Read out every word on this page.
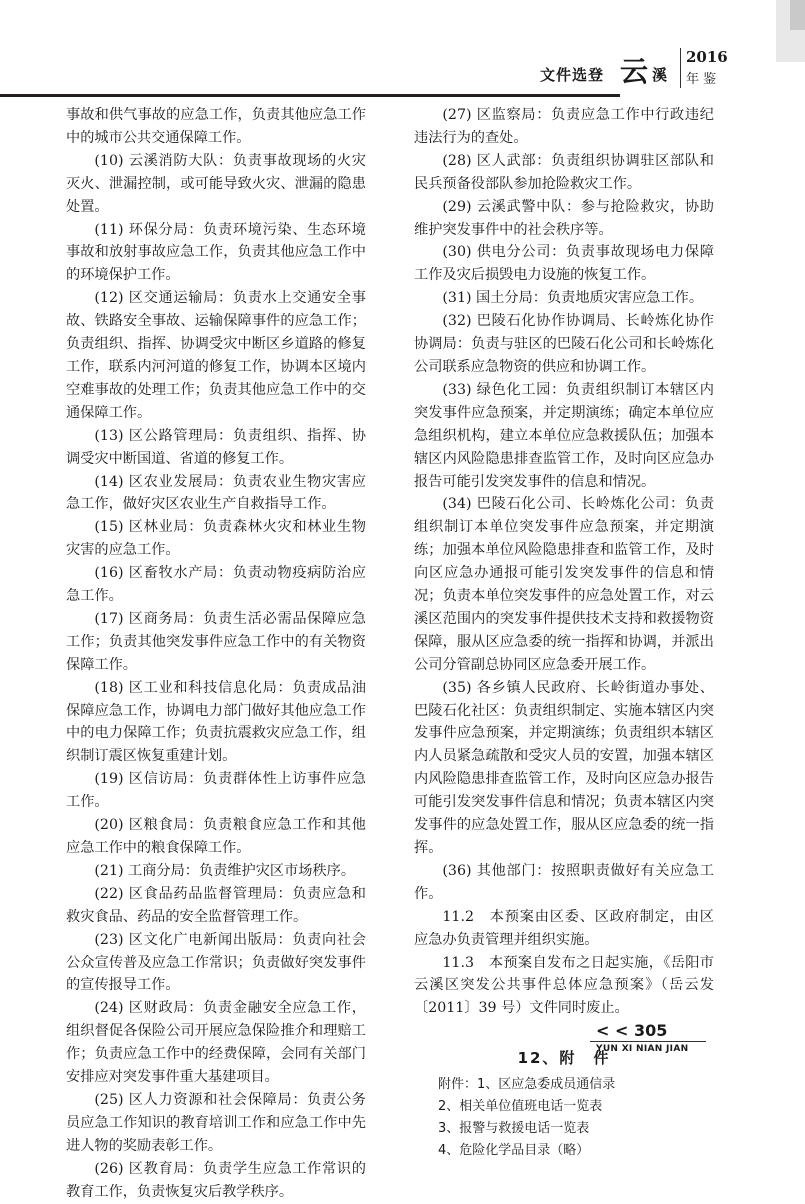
文件选登 云 溪
2016
年 鉴

事故和供气事故的应急工作，负责其他应急工作中的城市公共交通保障工作。

(10) 云溪消防大队：负责事故现场的火灾灭火、泄漏控制，或可能导致火灾、泄漏的隐患处置。

(11) 环保分局：负责环境污染、生态环境事故和放射事故应急工作，负责其他应急工作中的环境保护工作。

(12) 区交通运输局：负责水上交通安全事故、铁路安全事故、运输保障事件的应急工作；负责组织、指挥、协调受灾中断区乡道路的修复工作，联系内河河道的修复工作，协调本区境内空难事故的处理工作；负责其他应急工作中的交通保障工作。

(13) 区公路管理局：负责组织、指挥、协调受灾中断国道、省道的修复工作。

(14) 区农业发展局：负责农业生物灾害应急工作，做好灾区农业生产自救指导工作。

(15) 区林业局：负责森林火灾和林业生物灾害的应急工作。

(16) 区畜牧水产局：负责动物疫病防治应急工作。

(17) 区商务局：负责生活必需品保障应急工作；负责其他突发事件应急工作中的有关物资保障工作。

(18) 区工业和科技信息化局：负责成品油保障应急工作，协调电力部门做好其他应急工作中的电力保障工作；负责抗震救灾应急工作，组织制订震区恢复重建计划。

(19) 区信访局：负责群体性上访事件应急工作。

(20) 区粮食局：负责粮食应急工作和其他应急工作中的粮食保障工作。

(21) 工商分局：负责维护灾区市场秩序。

(22) 区食品药品监督管理局：负责应急和救灾食品、药品的安全监督管理工作。

(23) 区文化广电新闻出版局：负责向社会公众宣传普及应急工作常识；负责做好突发事件的宣传报导工作。

(24) 区财政局：负责金融安全应急工作，组织督促各保险公司开展应急保险推介和理赔工作；负责应急工作中的经费保障，会同有关部门安排应对突发事件重大基建项目。

(25) 区人力资源和社会保障局：负责公务员应急工作知识的教育培训工作和应急工作中先进人物的奖励表彰工作。

(26) 区教育局：负责学生应急工作常识的教育工作，负责恢复灾后教学秩序。

(27) 区监察局：负责应急工作中行政违纪违法行为的查处。

(28) 区人武部：负责组织协调驻区部队和民兵预备役部队参加抢险救灾工作。

(29) 云溪武警中队：参与抢险救灾，协助维护突发事件中的社会秩序等。

(30) 供电分公司：负责事故现场电力保障工作及灾后损毁电力设施的恢复工作。

(31) 国土分局：负责地质灾害应急工作。

(32) 巴陵石化协作协调局、长岭炼化协作协调局：负责与驻区的巴陵石化公司和长岭炼化公司联系应急物资的供应和协调工作。

(33) 绿色化工园：负责组织制订本辖区内突发事件应急预案，并定期演练；确定本单位应急组织机构，建立本单位应急救援队伍；加强本辖区内风险隐患排查监管工作，及时向区应急办报告可能引发突发事件的信息和情况。

(34) 巴陵石化公司、长岭炼化公司：负责组织制订本单位突发事件应急预案，并定期演练；加强本单位风险隐患排查和监管工作，及时向区应急办通报可能引发突发事件的信息和情况；负责本单位突发事件的应急处置工作，对云溪区范围内的突发事件提供技术支持和救援物资保障，服从区应急委的统一指挥和协调，并派出公司分管副总协同区应急委开展工作。

(35) 各乡镇人民政府、长岭街道办事处、巴陵石化社区：负责组织制定、实施本辖区内突发事件应急预案，并定期演练；负责组织本辖区内人员紧急疏散和受灾人员的安置，加强本辖区内风险隐患排查监管工作，及时向区应急办报告可能引发突发事件信息和情况；负责本辖区内突发事件的应急处置工作，服从区应急委的统一指挥。

(36) 其他部门：按照职责做好有关应急工作。

11.2　本预案由区委、区政府制定，由区应急办负责管理并组织实施。

11.3　本预案自发布之日起实施，《岳阳市云溪区突发公共事件总体应急预案》（岳云发〔2011〕39 号）文件同时废止。

12、附　件
附件：1、区应急委成员通信录
2、相关单位值班电话一览表
3、报警与救援电话一览表
4、危险化学品目录（略）
< < 305
YUN XI NIAN JIAN
